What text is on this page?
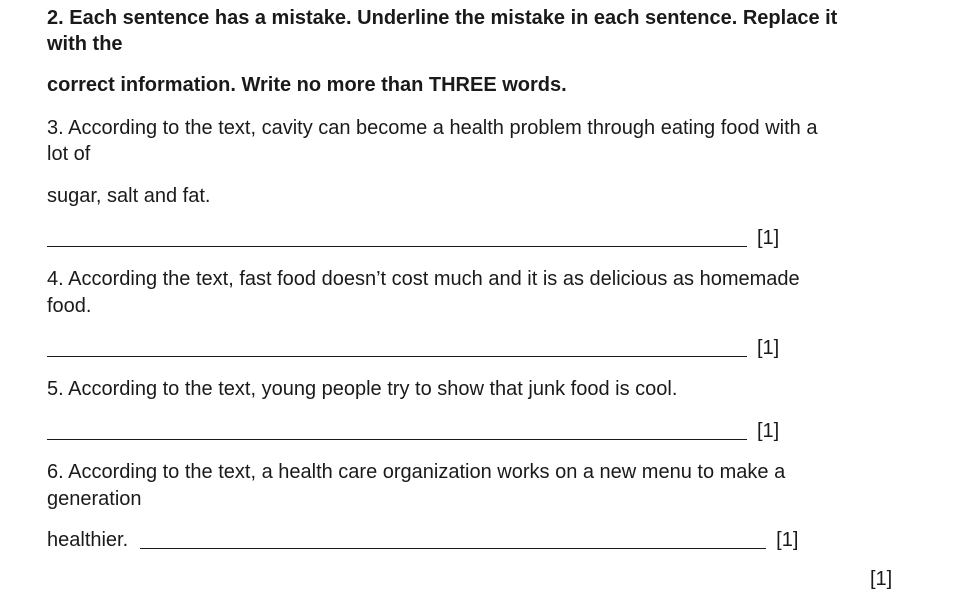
2. Each sentence has a mistake. Underline the mistake in each sentence. Replace it
with the
correct information. Write no more than THREE words.
3. According to the text, cavity can become a health problem through eating food with a
lot of
sugar, salt and fat.
[1]
4. According the text, fast food doesn’t cost much and it is as delicious as homemade
food.
[1]
5. According to the text, young people try to show that junk food is cool.
[1]
6. According to the text, a health care organization works on a new menu to make a
generation
healthier.	[1]
[1]
